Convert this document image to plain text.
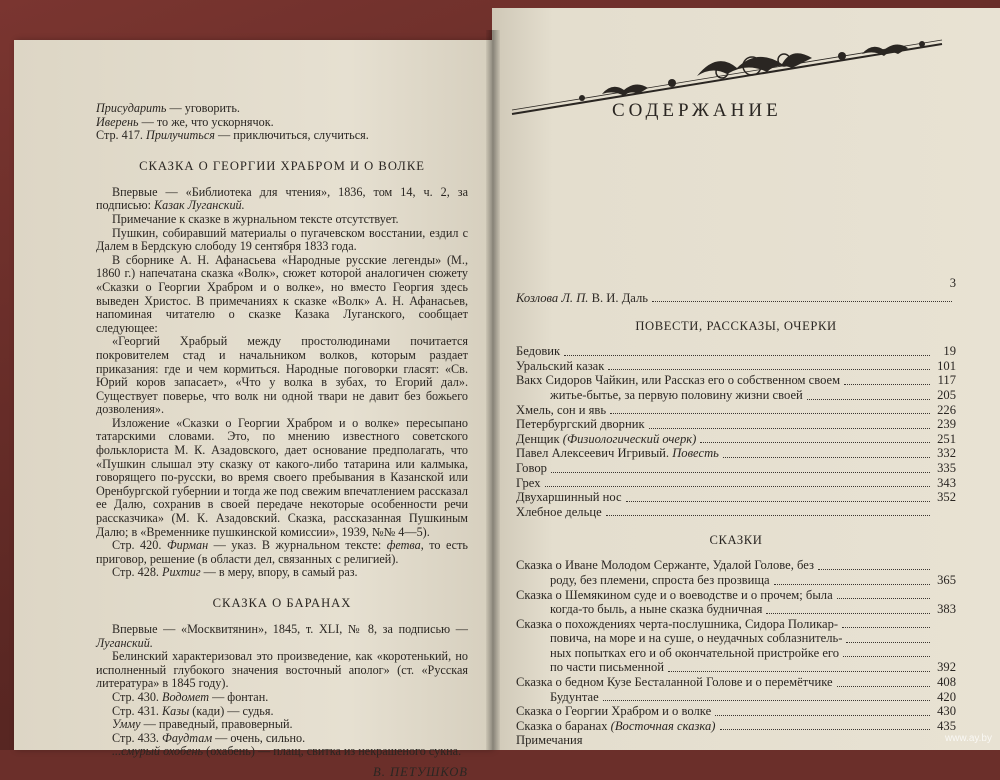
Присударить — уговорить.
Иверень — то же, что ускорнячок.
Стр. 417. Прилучиться — приключиться, случиться.
СКАЗКА О ГЕОРГИИ ХРАБРОМ И О ВОЛКЕ

Впервые — «Библиотека для чтения», 1836, том 14, ч. 2, за подписью: Казак Луганский.

Примечание к сказке в журнальном тексте отсутствует.

Пушкин, собиравший материалы о пугачевском восстании, ездил с Далем в Бердскую слободу 19 сентября 1833 года.

В сборнике А. Н. Афанасьева «Народные русские легенды» (М., 1860 г.) напечатана сказка «Волк», сюжет которой аналогичен сюжету «Сказки о Георгии Храбром и о волке», но вместо Георгия здесь выведен Христос. В примечаниях к сказке «Волк» А. Н. Афанасьев, напоминая читателю о сказке Казака Луганского, сообщает следующее:

«Георгий Храбрый между простолюдинами почитается покровителем стад и начальником волков, которым раздает приказания: где и чем кормиться. Народные поговорки гласят: «Св. Юрий коров запасает», «Что у волка в зубах, то Егорий дал». Существует поверье, что волк ни одной твари не давит без божьего дозволения».

Изложение «Сказки о Георгии Храбром и о волке» пересыпано татарскими словами. Это, по мнению известного советского фольклориста М. К. Азадовского, дает основание предполагать, что «Пушкин слышал эту сказку от какого-либо татарина или калмыка, говорящего по-русски, во время своего пребывания в Казанской или Оренбургской губернии и тогда же под свежим впечатлением рассказал ее Далю, сохранив в своей передаче некоторые особенности речи рассказчика» (М. К. Азадовский. Сказка, рассказанная Пушкиным Далю; в «Временнике пушкинской комиссии», 1939, №№ 4—5).

Стр. 420. Фирман — указ. В журнальном тексте: фетва, то есть приговор, решение (в области дел, связанных с религией).

Стр. 428. Рихтиг — в меру, впору, в самый раз.

СКАЗКА О БАРАНАХ

Впервые — «Москвитянин», 1845, т. XLI, № 8, за подписью — Луганский.

Белинский характеризовал это произведение, как «коротенький, но исполненный глубокого значения восточный аполог» (ст. «Русская литература» в 1845 году).

Стр. 430. Водомет — фонтан.

Стр. 431. Казы (кади) — судья.

Умму — праведный, правоверный.

Стр. 433. Фаудтам — очень, сильно.

...смурый охобень (охабень) — плащ, свитка из некрашеного сукна.

В. ПЕТУШКОВ
СОДЕРЖАНИЕ
3
Козлова Л. П. В. И. Даль
ПОВЕСТИ, РАССКАЗЫ, ОЧЕРКИ
Бедовик	19
Уральский казак	101
Вакх Сидоров Чайкин, или Рассказ его о собственном своем	117
житье-бытье, за первую половину жизни своей	205
Хмель, сон и явь	226
Петербургский дворник	239
Денщик (Физиологический очерк)	251
Павел Алексеевич Игривый. Повесть	332
Говор	335
Грех	343
Двухаршинный нос	352
Хлебное дельце
СКАЗКИ
Сказка о Иване Молодом Сержанте, Удалой Голове, без
роду, без племени, спроста без прозвища	365
Сказка о Шемякином суде и о воеводстве и о прочем; была
когда-то быль, а ныне сказка будничная	383
Сказка о похождениях черта-послушника, Сидора Поликар-
повича, на море и на суше, о неудачных соблазнитель-
ных попытках его и об окончательной пристройке его
по части письменной	392
Сказка о бедном Кузе Бесталанной Голове и о перемётчике	408
Будунтае	420
Сказка о Георгии Храбром и о волке	430
Сказка о баранах (Восточная сказка)	435
Примечания	www.ay.by
